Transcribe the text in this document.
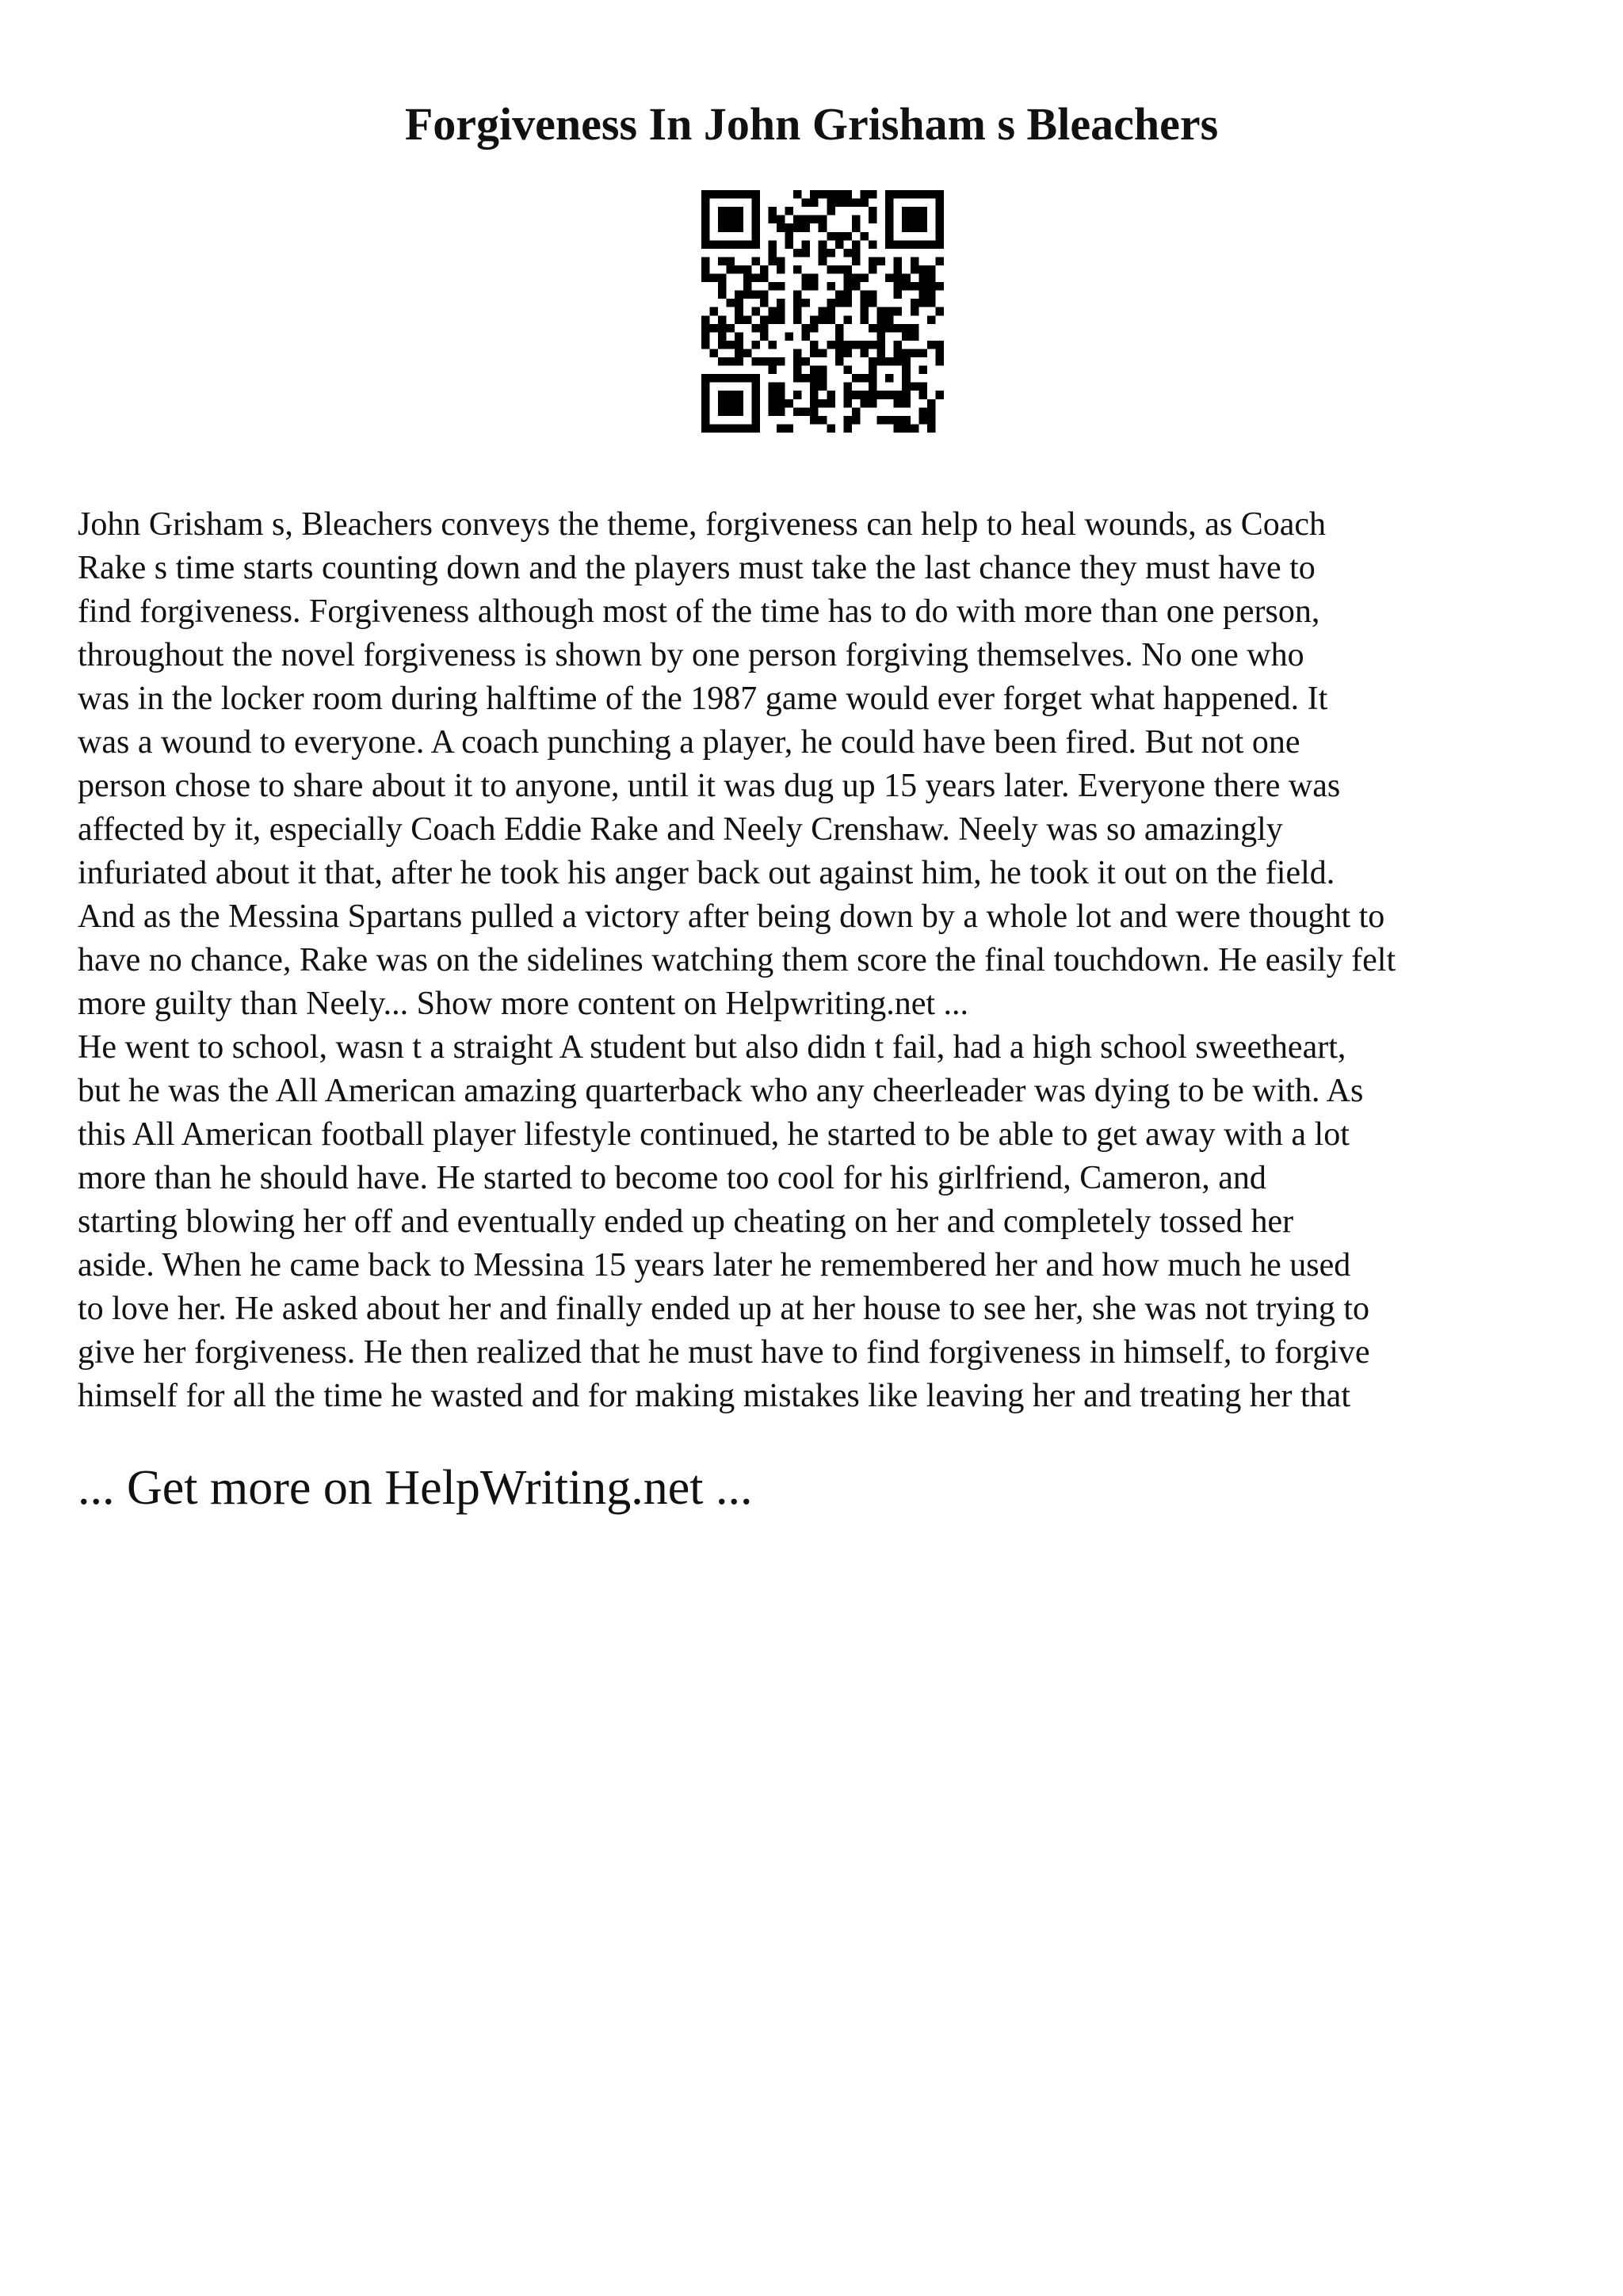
Forgiveness In John Grisham s Bleachers
John Grisham s, Bleachers conveys the theme, forgiveness can help to heal wounds, as Coach
Rake s time starts counting down and the players must take the last chance they must have to
find forgiveness. Forgiveness although most of the time has to do with more than one person,
throughout the novel forgiveness is shown by one person forgiving themselves. No one who
was in the locker room during halftime of the 1987 game would ever forget what happened. It
was a wound to everyone. A coach punching a player, he could have been fired. But not one
person chose to share about it to anyone, until it was dug up 15 years later. Everyone there was
affected by it, especially Coach Eddie Rake and Neely Crenshaw. Neely was so amazingly
infuriated about it that, after he took his anger back out against him, he took it out on the field.
And as the Messina Spartans pulled a victory after being down by a whole lot and were thought to
have no chance, Rake was on the sidelines watching them score the final touchdown. He easily felt
more guilty than Neely... Show more content on Helpwriting.net ...
He went to school, wasn t a straight A student but also didn t fail, had a high school sweetheart,
but he was the All American amazing quarterback who any cheerleader was dying to be with. As
this All American football player lifestyle continued, he started to be able to get away with a lot
more than he should have. He started to become too cool for his girlfriend, Cameron, and
starting blowing her off and eventually ended up cheating on her and completely tossed her
aside. When he came back to Messina 15 years later he remembered her and how much he used
to love her. He asked about her and finally ended up at her house to see her, she was not trying to
give her forgiveness. He then realized that he must have to find forgiveness in himself, to forgive
himself for all the time he wasted and for making mistakes like leaving her and treating her that
... Get more on HelpWriting.net ...
